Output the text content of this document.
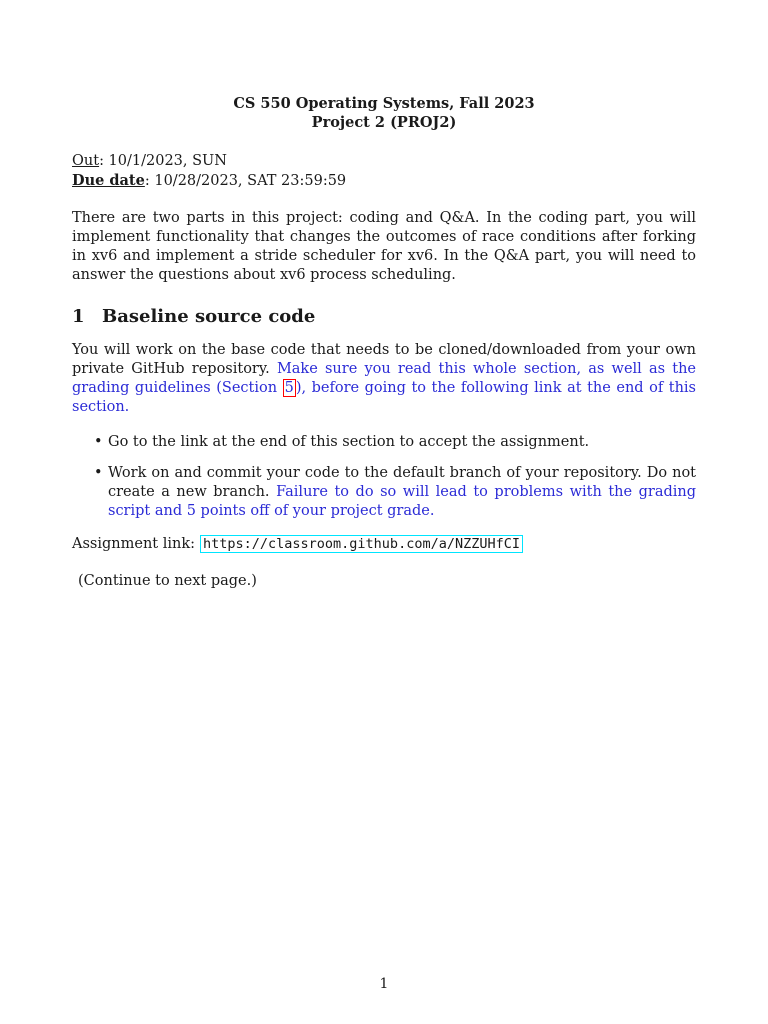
CS 550 Operating Systems, Fall 2023
Project 2 (PROJ2)
Out: 10/1/2023, SUN
Due date: 10/28/2023, SAT 23:59:59

There are two parts in this project: coding and Q&A. In the coding part, you will implement functionality that changes the outcomes of race conditions after forking in xv6 and implement a stride scheduler for xv6. In the Q&A part, you will need to answer the questions about xv6 process scheduling.

1 Baseline source code

You will work on the base code that needs to be cloned/downloaded from your own private GitHub repository. Make sure you read this whole section, as well as the grading guidelines (Section 5 ), before going to the following link at the end of this section.

• Go to the link at the end of this section to accept the assignment.
• Work on and commit your code to the default branch of your repository. Do not create a new branch. Failure to do so will lead to problems with the grading script and 5 points off of your project grade.
Assignment link: https://classroom.github.com/a/NZZUHfCI
(Continue to next page.)
1
